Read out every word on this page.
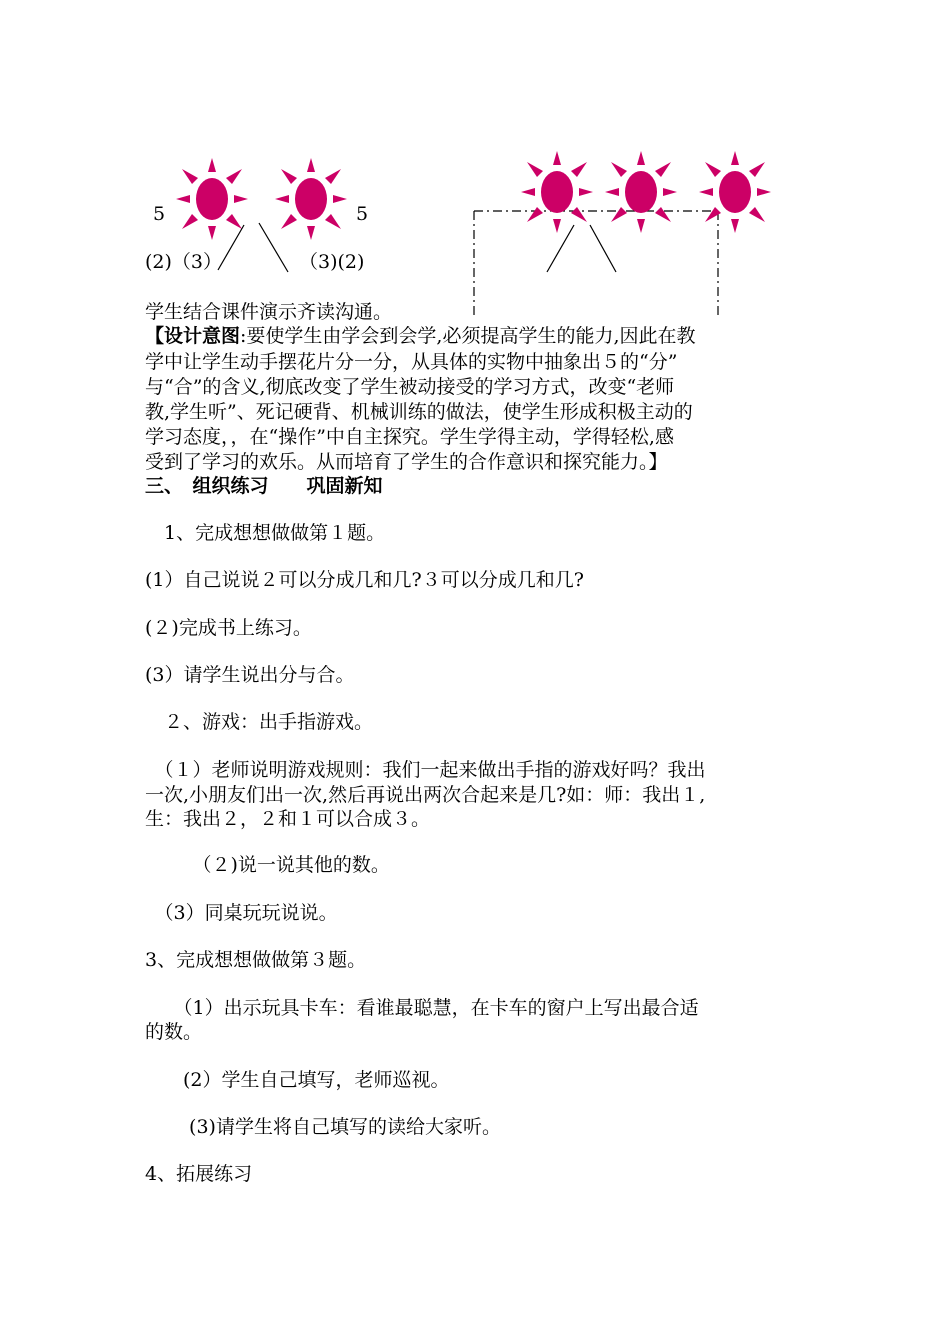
5	5
(2)（3）	（3)(2)
学生结合课件演示齐读沟通。
【设计意图:要使学生由学会到会学,必须提高学生的能力,因此在教
学中让学生动手摆花片分一分，从具体的实物中抽象出５的“分”
与“合”的含义,彻底改变了学生被动接受的学习方式，改变“老师
教,学生听”、死记硬背、机械训练的做法，使学生形成积极主动的
学习态度，，在“操作”中自主探究。学生学得主动，学得轻松,感
受到了学习的欢乐。从而培育了学生的合作意识和探究能力。】
三、　组织练习　　巩固新知
　1、完成想想做做第１题。
(1）自己说说２可以分成几和几?３可以分成几和几?
(２)完成书上练习。
(3）请学生说出分与合。
　２、游戏：出手指游戏。
　（１）老师说明游戏规则：我们一起来做出手指的游戏好吗？我出
一次,小朋友们出一次,然后再说出两次合起来是几?如：师：我出１,
生：我出２，２和１可以合成３。
　　　（２)说一说其他的数。
　（3）同桌玩玩说说。
3、完成想想做做第３题。
　　（1）出示玩具卡车：看谁最聪慧，在卡车的窗户上写出最合适
的数。
　　(2）学生自己填写，老师巡视。
　　 (3)请学生将自己填写的读给大家听。
4、拓展练习
